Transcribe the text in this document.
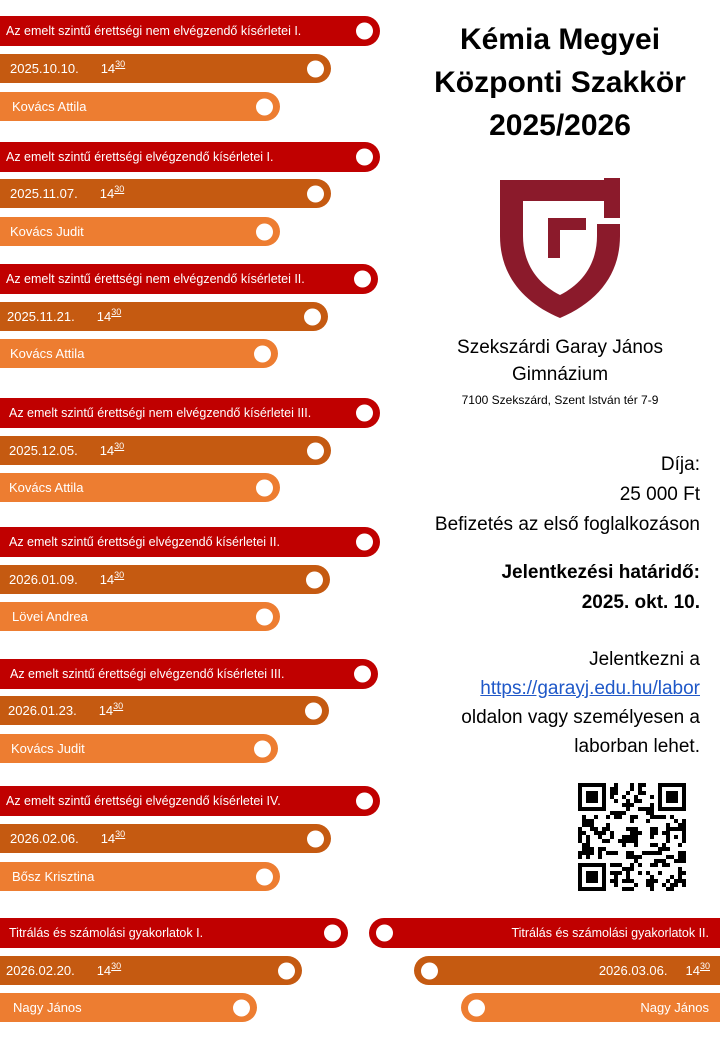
Az emelt szintű érettségi nem elvégzendő kísérletei I.
2025.10.10. $14^{30}$
Kovács Attila
Az emelt szintű érettségi elvégzendő kísérletei I.
2025.11.07. $14^{30}$
Kovács Judit
Az emelt szintű érettségi nem elvégzendő kísérletei II.
2025.11.21. $14^{30}$
Kovács Attila
Az emelt szintű érettségi nem elvégzendő kísérletei III.
2025.12.05. $14^{30}$
Kovács Attila
Az emelt szintű érettségi elvégzendő kísérletei II.
2026.01.09. $14^{30}$
Lövei Andrea
Az emelt szintű érettségi elvégzendő kísérletei III.
2026.01.23. $14^{30}$
Kovács Judit
Az emelt szintű érettségi elvégzendő kísérletei IV.
2026.02.06. $14^{30}$
Bősz Krisztina
Titrálás és számolási gyakorlatok I.
2026.02.20. $14^{30}$
Nagy János
Titrálás és számolási gyakorlatok II.
2026.03.06. $14^{30}$
Nagy János
Kémia Megyei
Központi Szakkör
2025/2026
Szekszárdi Garay János
Gimnázium
7100 Szekszárd, Szent István tér 7-9
Díja:
25 000 Ft
Befizetés az első foglalkozáson
Jelentkezési határidő:
2025. okt. 10.
Jelentkezni a
https://garayj.edu.hu/labor
oldalon vagy személyesen a
laborban lehet.
